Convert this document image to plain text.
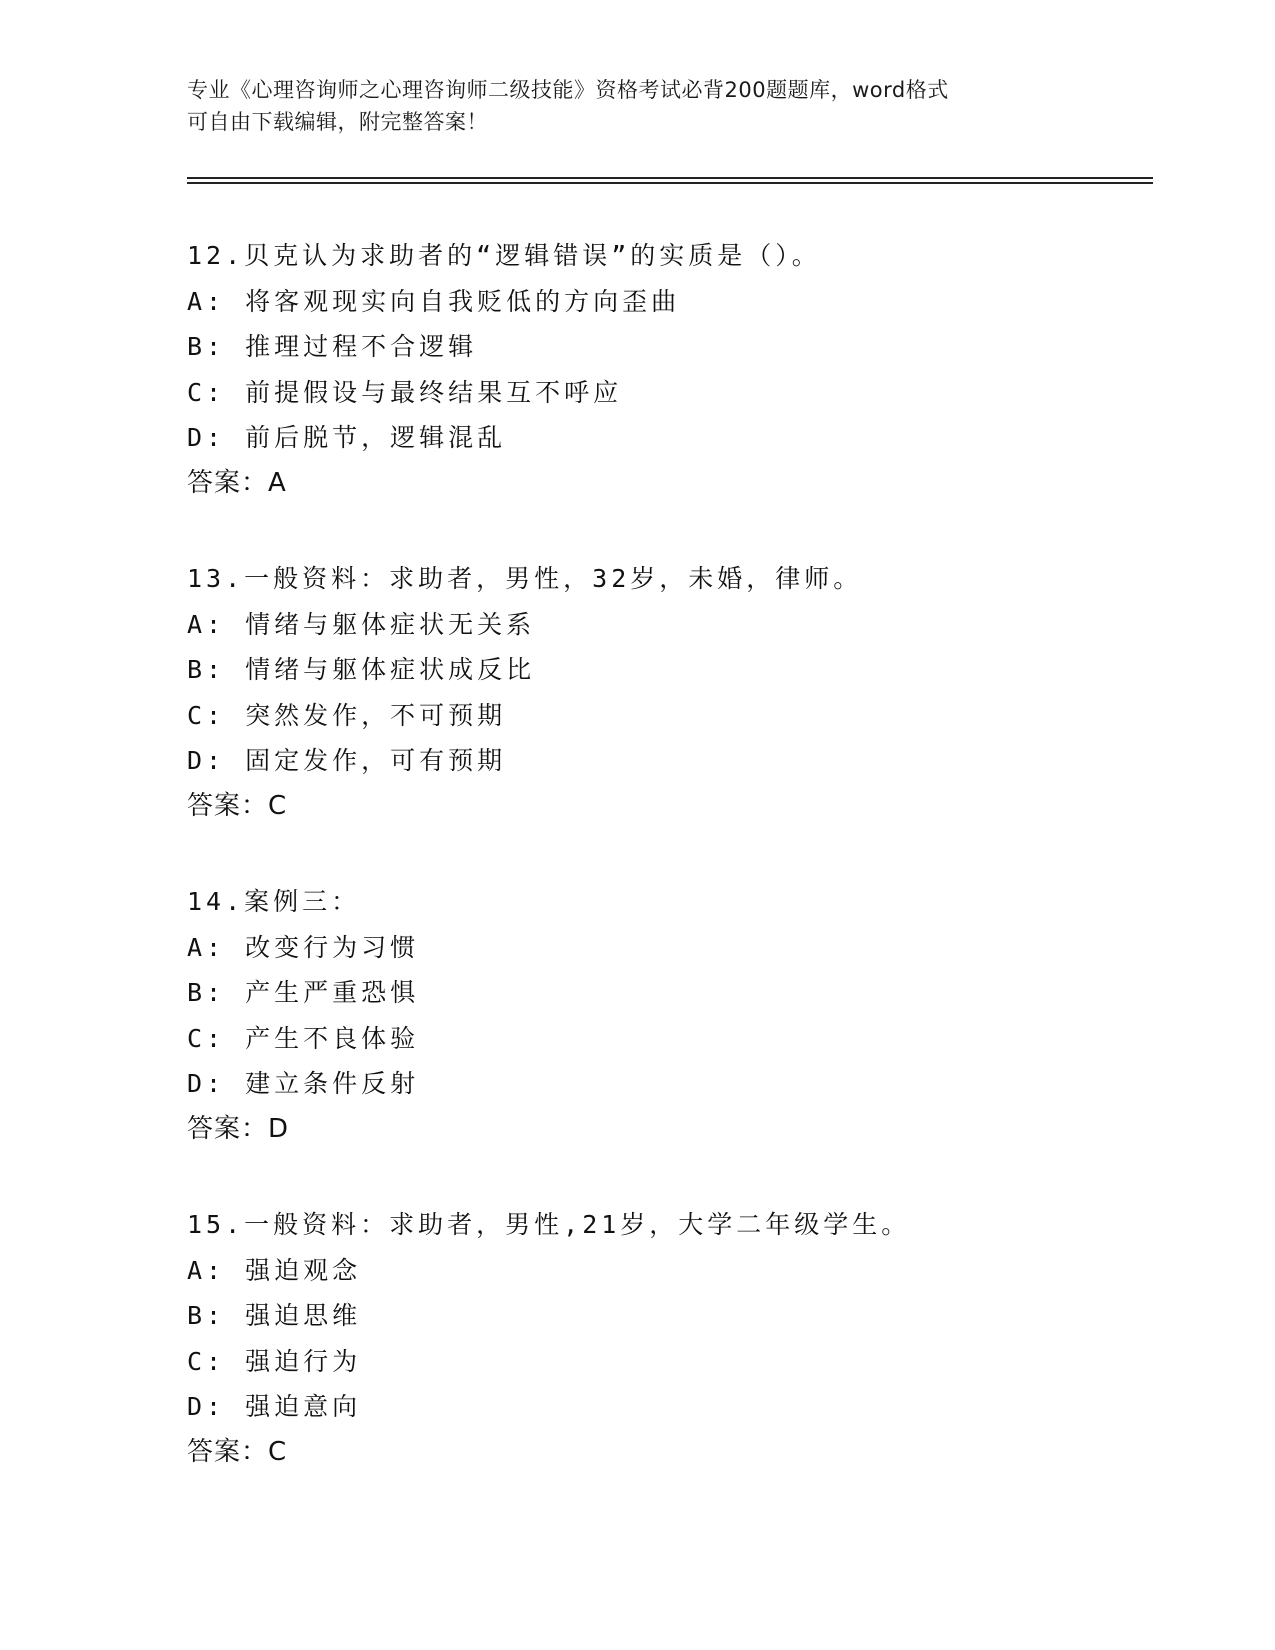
专业《心理咨询师之心理咨询师二级技能》资格考试必背200题题库，word格式
可自由下载编辑，附完整答案！
12.贝克认为求助者的“逻辑错误”的实质是（）。
A: 将客观现实向自我贬低的方向歪曲
B: 推理过程不合逻辑
C: 前提假设与最终结果互不呼应
D: 前后脱节，逻辑混乱
答案：A
13.一般资料：求助者，男性，32岁，未婚，律师。
A: 情绪与躯体症状无关系
B: 情绪与躯体症状成反比
C: 突然发作，不可预期
D: 固定发作，可有预期
答案：C
14.案例三：
A: 改变行为习惯
B: 产生严重恐惧
C: 产生不良体验
D: 建立条件反射
答案：D
15.一般资料：求助者，男性,21岁，大学二年级学生。
A: 强迫观念
B: 强迫思维
C: 强迫行为
D: 强迫意向
答案：C
